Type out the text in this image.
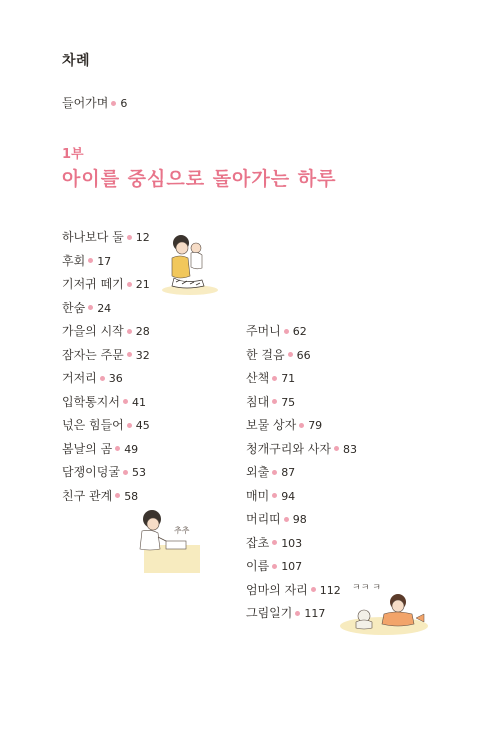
차례
들어가며 6
1부
아이를 중심으로 돌아가는 하루
하나보다 둘 12
후회 17
기저귀 떼기 21
한숨 24
가을의 시작 28
잠자는 주문 32
거저리 36
입학통지서 41
넋은 힘들어 45
봄날의 곰 49
담쟁이덩굴 53
친구 관계 58
주머니 62
한 걸음 66
산책 71
침대 75
보물 상자 79
청개구리와 사자 83
외출 87
매미 94
머리띠 98
잡초 103
이름 107
엄마의 자리 112
그림일기 117
추추
ㅋㅋ ㅋ
